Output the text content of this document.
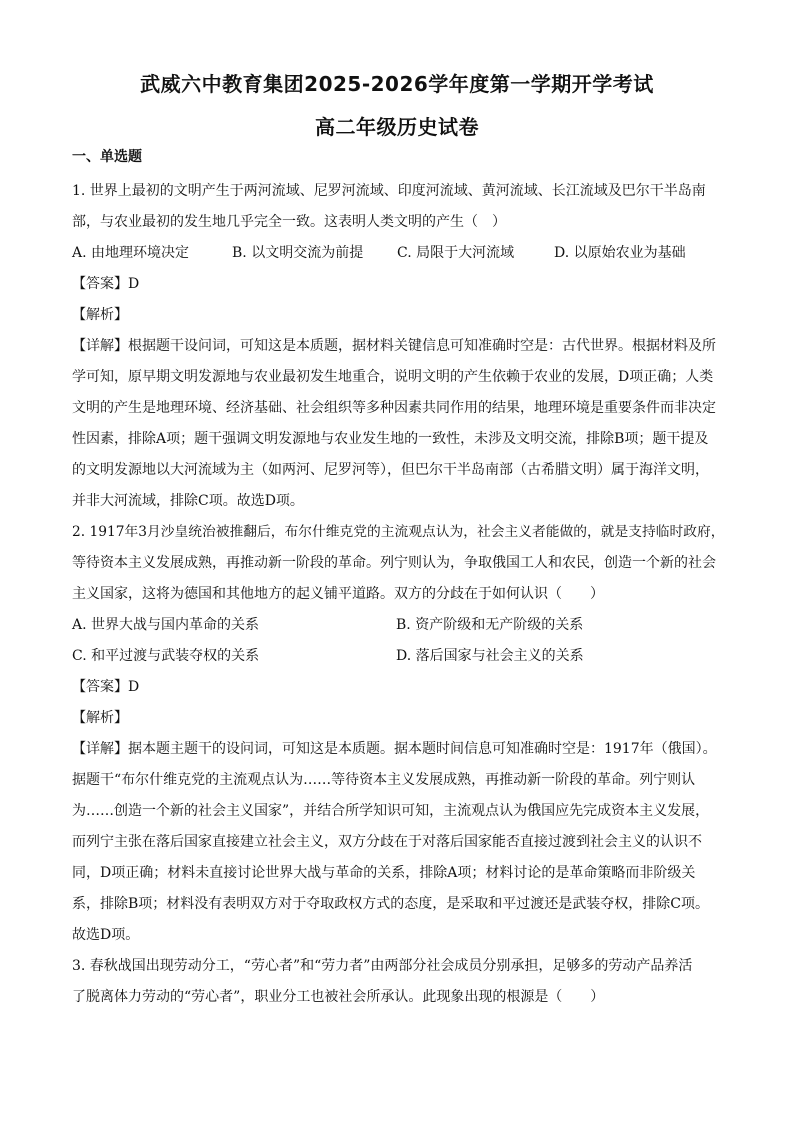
武威六中教育集团2025-2026学年度第一学期开学考试
高二年级历史试卷
一、单选题
1. 世界上最初的文明产生于两河流域、尼罗河流域、印度河流域、黄河流域、长江流域及巴尔干半岛南
部，与农业最初的发生地几乎完全一致。这表明人类文明的产生（　）
A. 由地理环境决定	B. 以文明交流为前提	C. 局限于大河流域	D. 以原始农业为基础
【答案】D
【解析】
【详解】根据题干设问词，可知这是本质题，据材料关键信息可知准确时空是：古代世界。根据材料及所
学可知，原早期文明发源地与农业最初发生地重合，说明文明的产生依赖于农业的发展，D项正确；人类
文明的产生是地理环境、经济基础、社会组织等多种因素共同作用的结果，地理环境是重要条件而非决定
性因素，排除A项；题干强调文明发源地与农业发生地的一致性，未涉及文明交流，排除B项；题干提及
的文明发源地以大河流域为主（如两河、尼罗河等），但巴尔干半岛南部（古希腊文明）属于海洋文明，
并非大河流域，排除C项。故选D项。
2. 1917年3月沙皇统治被推翻后，布尔什维克党的主流观点认为，社会主义者能做的，就是支持临时政府，
等待资本主义发展成熟，再推动新一阶段的革命。列宁则认为，争取俄国工人和农民，创造一个新的社会
主义国家，这将为德国和其他地方的起义铺平道路。双方的分歧在于如何认识（　　）
A. 世界大战与国内革命的关系	B. 资产阶级和无产阶级的关系
C. 和平过渡与武装夺权的关系	D. 落后国家与社会主义的关系
【答案】D
【解析】
【详解】据本题主题干的设问词，可知这是本质题。据本题时间信息可知准确时空是：1917年（俄国）。
据题干“布尔什维克党的主流观点认为……等待资本主义发展成熟，再推动新一阶段的革命。列宁则认
为……创造一个新的社会主义国家”，并结合所学知识可知，主流观点认为俄国应先完成资本主义发展，
而列宁主张在落后国家直接建立社会主义，双方分歧在于对落后国家能否直接过渡到社会主义的认识不
同，D项正确；材料未直接讨论世界大战与革命的关系，排除A项；材料讨论的是革命策略而非阶级关
系，排除B项；材料没有表明双方对于夺取政权方式的态度，是采取和平过渡还是武装夺权，排除C项。
故选D项。
3. 春秋战国出现劳动分工，“劳心者”和“劳力者”由两部分社会成员分别承担，足够多的劳动产品养活
了脱离体力劳动的“劳心者”，职业分工也被社会所承认。此现象出现的根源是（　　）
